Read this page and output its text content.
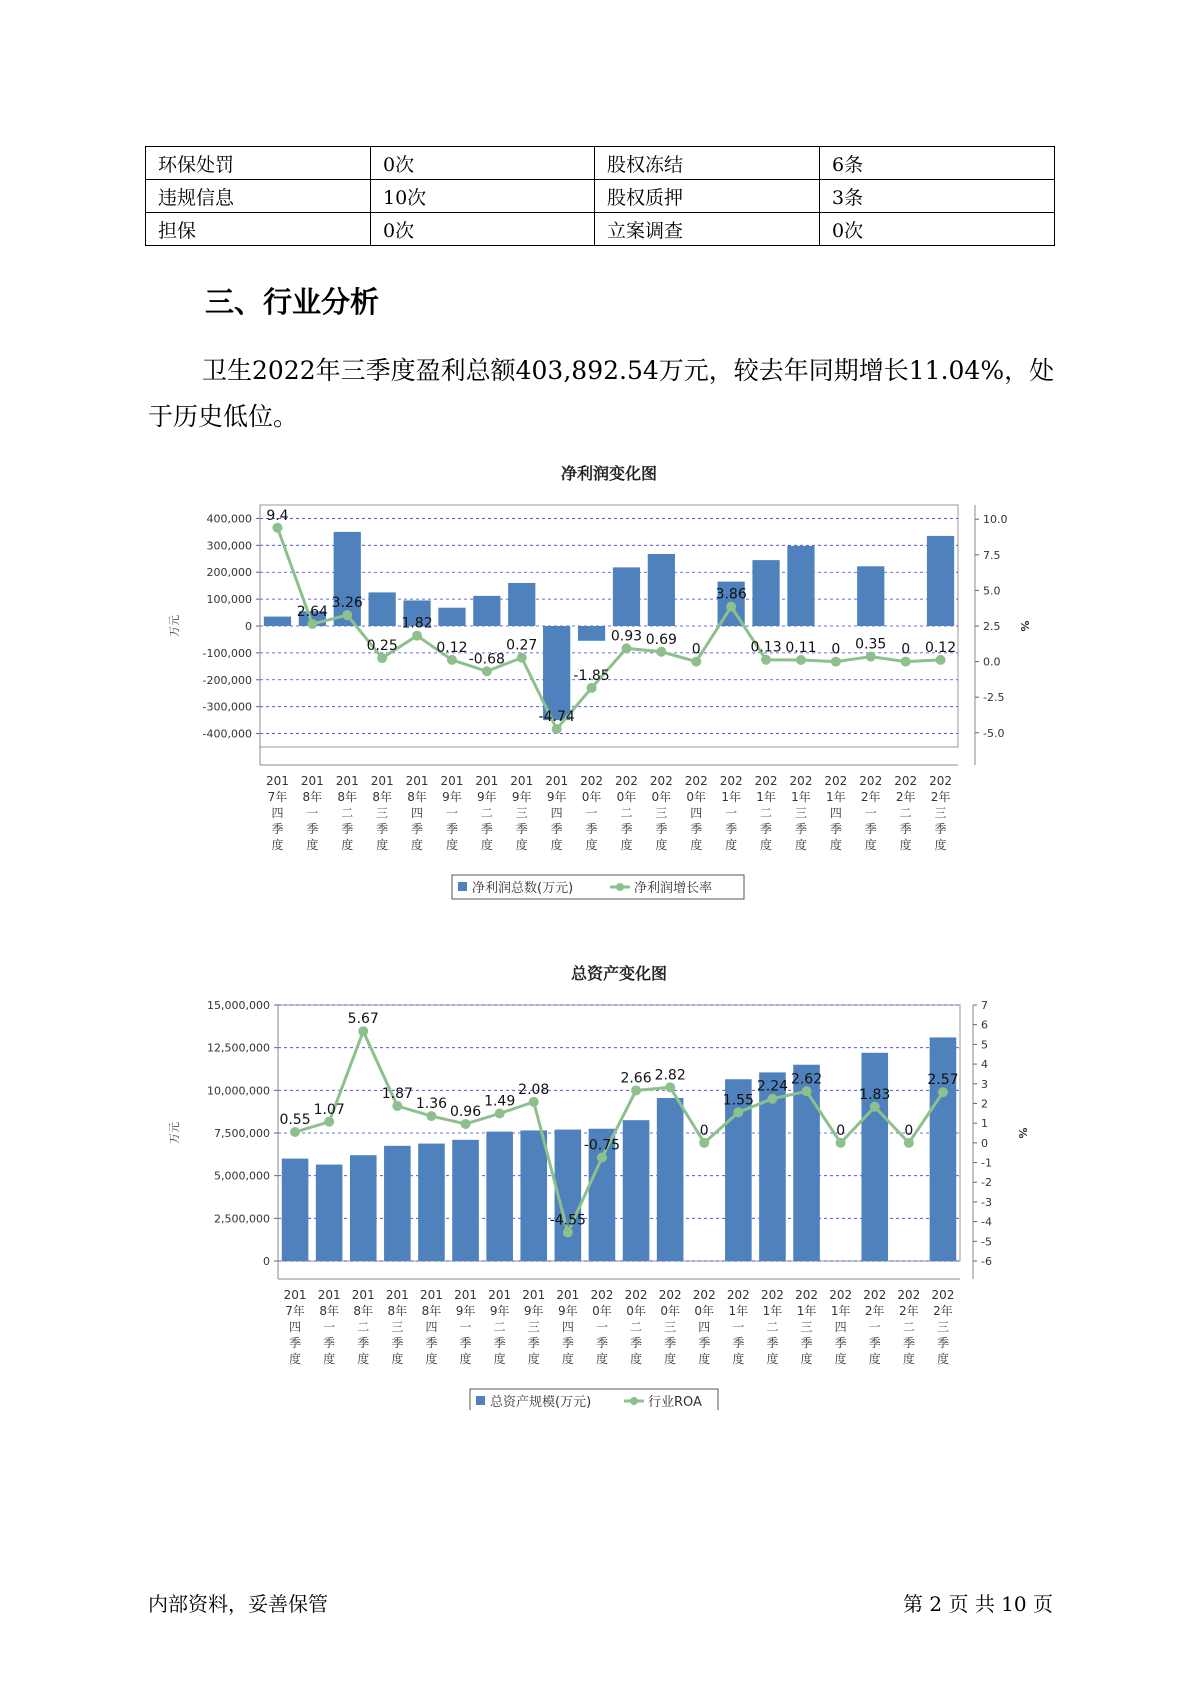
环保处罚	0次	股权冻结	6条
违规信息	10次	股权质押	3条
担保	0次	立案调查	0次
三、行业分析
卫生2022年三季度盈利总额403,892.54万元，较去年同期增长11.04%，处于历史低位。
净利润变化图
400,000
300,000
200,000
100,000
0
-100,000
-200,000
-300,000
-400,000
10.0
7.5
5.0
2.5
0.0
-2.5
-5.0
万元	%
9.4
2.64
3.26
0.25
1.82
0.12
-0.68
0.27
-4.74
-1.85
0.93 0.69
0
3.86
0.13 0.11 0 0.35 0 0.12
201
7年
四
季
度
201
8年
一
季
度
201
8年
二
季
度
201
8年
三
季
度
201
8年
四
季
度
201
9年
一
季
度
201
9年
二
季
度
201
9年
三
季
度
201
9年
四
季
度
202
0年
一
季
度
202
0年
二
季
度
202
0年
三
季
度
202
0年
四
季
度
202
1年
一
季
度
202
1年
二
季
度
202
1年
三
季
度
202
1年
四
季
度
202
2年
一
季
度
202
2年
二
季
度
202
2年
三
季
度
净利润总数(万元)	净利润增长率
总资产变化图
15,000,000
12,500,000
10,000,000
7,500,000
5,000,000
2,500,000
0
7
6
5
4
3
2
1
0
-1
-2
-3
-4
-5
-6
万元	%
0.55
1.07
5.67
1.87
1.36 0.96
1.49
2.08
-4.55
-0.75
2.66 2.82
0
1.55
2.24 2.62
0
1.83
0
2.57
201
7年
四
季
度
201
8年
一
季
度
201
8年
二
季
度
201
8年
三
季
度
201
8年
四
季
度
201
9年
一
季
度
201
9年
二
季
度
201
9年
三
季
度
201
9年
四
季
度
202
0年
一
季
度
202
0年
二
季
度
202
0年
三
季
度
202
0年
四
季
度
202
1年
一
季
度
202
1年
二
季
度
202
1年
三
季
度
202
1年
四
季
度
202
2年
一
季
度
202
2年
二
季
度
202
2年
三
季
度
总资产规模(万元)	行业ROA
内部资料，妥善保管	第 2 页 共 10 页
